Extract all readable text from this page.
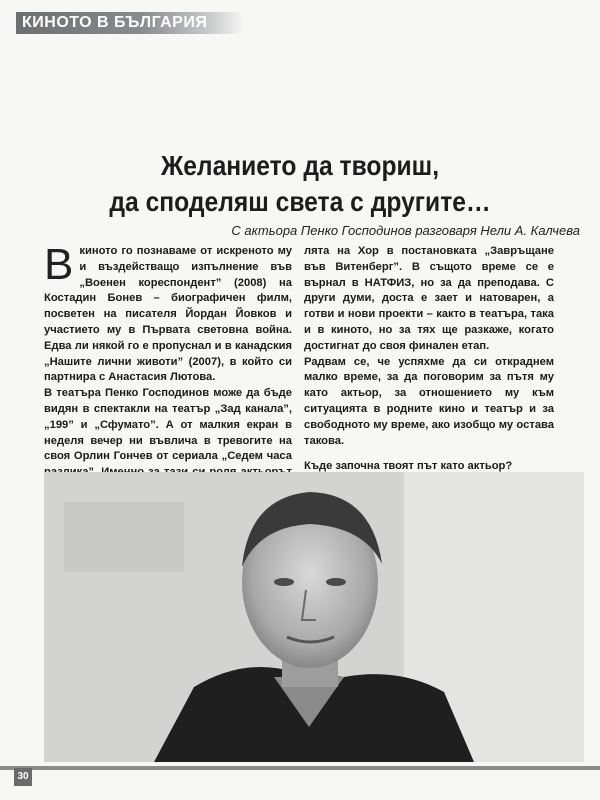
КИНОТО В БЪЛГАРИЯ
Желанието да твориш,
да споделяш света с другите…
С актьора Пенко Господинов разговаря Нели А. Калчева

В киното го познаваме от искреното му и въздействащо изпълнение във „Военен кореспондент” (2008) на Костадин Бонев – биографичен филм, посветен на писателя Йордан Йовков и участието му в Първата световна война. Едва ли някой го е пропуснал и в канадския „Нашите лични животи” (2007), в който си партнира с Анастасия Лютова.

В театъра Пенко Господинов може да бъде видян в спектакли на театър „Зад канала”, „199” и „Сфумато”. А от малкия екран в неделя вечер ни въвлича в тревогите на своя Орлин Гончев от сериала „Седем часа

лята на Хор в постановката „Завръщане във Витенберг”. В същото време се е върнал в НАТФИЗ, но за да преподава. С други думи, доста е зает и натоварен, а готви и нови проекти – както в театъра, така и в киното, но за тях ще разкаже, когато достигнат до своя финален етап.

Радвам се, че успяхме да си откраднем малко време, за да поговорим за пътя му като актьор, за отношението му към ситуацията в родните кино и театър и за свободното му време, ако изобщо му остава такова.

Къде започна твоят път като актьор?

30
